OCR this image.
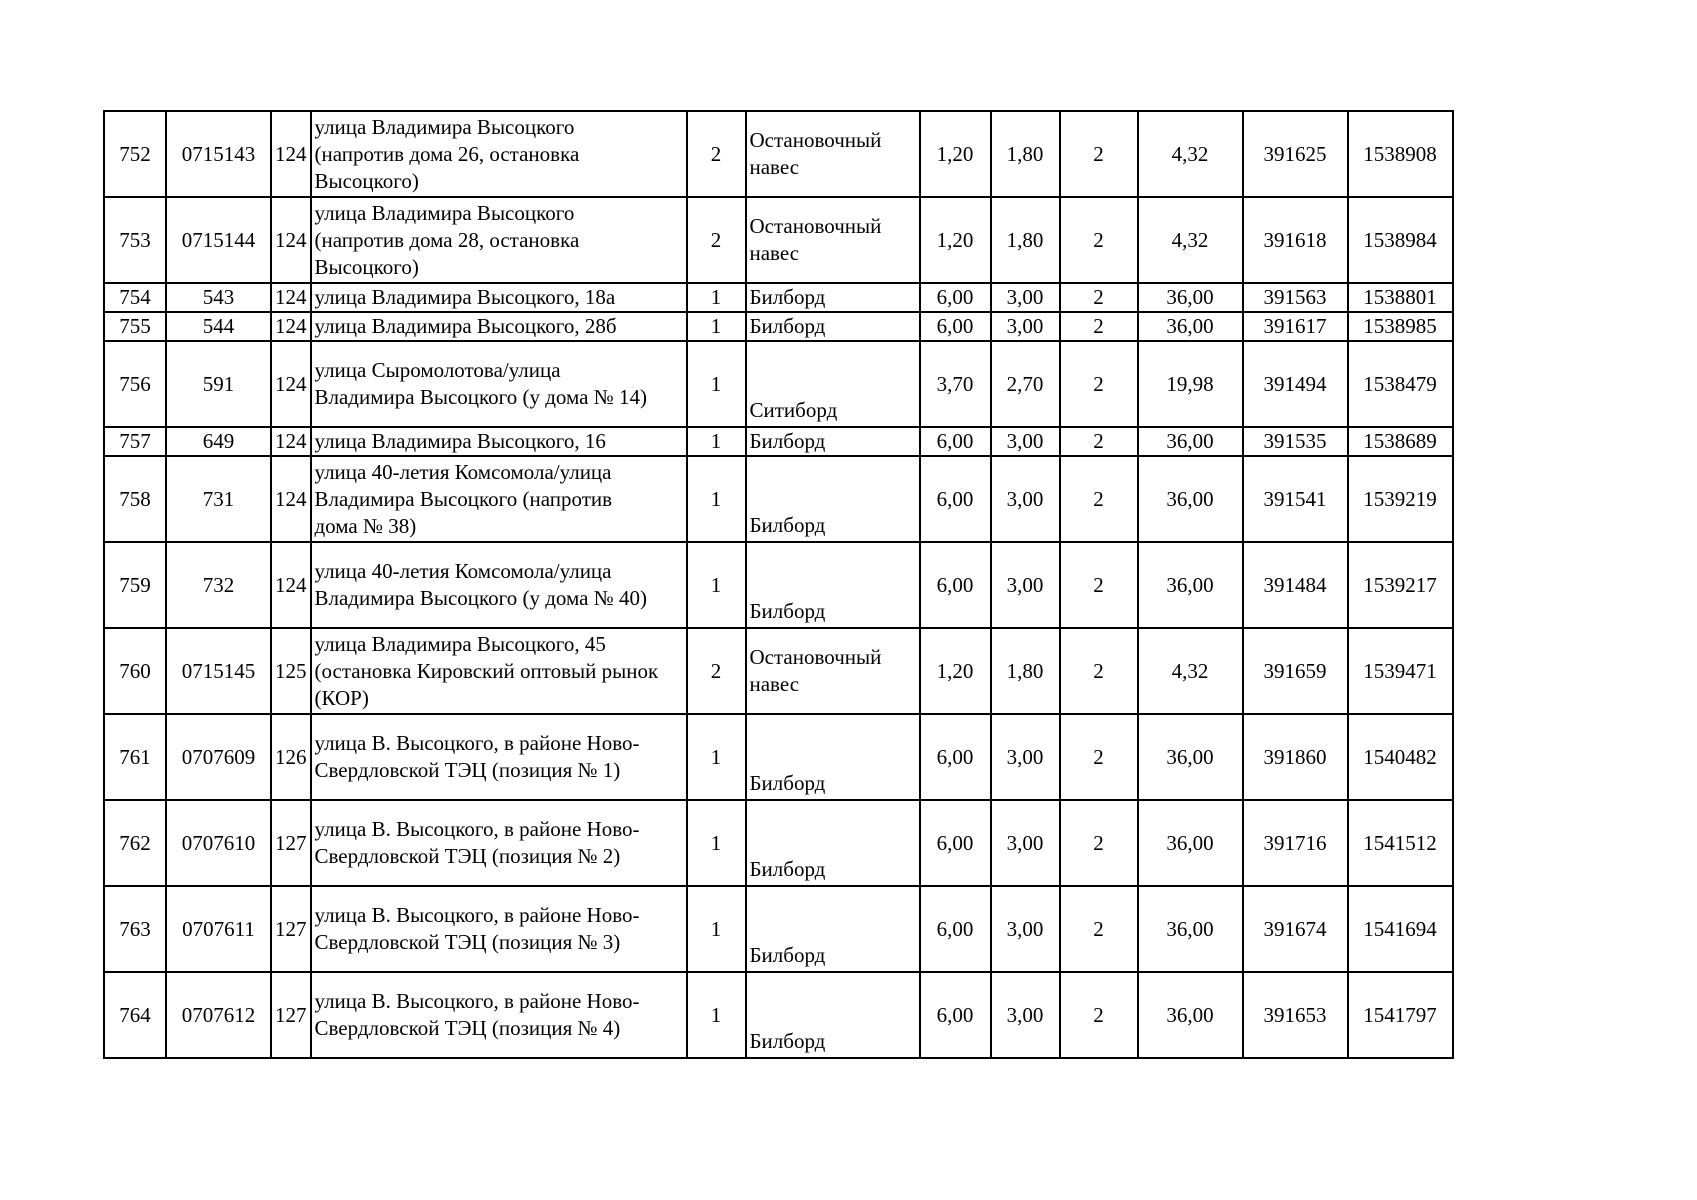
752	0715143	124	улица Владимира Высоцкого
(напротив дома 26, остановка
Высоцкого)	2	Остановочный
навес	1,20	1,80	2	4,32	391625	1538908
753	0715144	124	улица Владимира Высоцкого
(напротив дома 28, остановка
Высоцкого)	2	Остановочный
навес	1,20	1,80	2	4,32	391618	1538984
754	543	124	улица Владимира Высоцкого, 18а	1	Билборд	6,00	3,00	2	36,00	391563	1538801
755	544	124	улица Владимира Высоцкого, 28б	1	Билборд	6,00	3,00	2	36,00	391617	1538985
756	591	124	улица Сыромолотова/улица
Владимира Высоцкого (у дома № 14)	1	Ситиборд	3,70	2,70	2	19,98	391494	1538479
757	649	124	улица Владимира Высоцкого, 16	1	Билборд	6,00	3,00	2	36,00	391535	1538689
758	731	124	улица 40-летия Комсомола/улица
Владимира Высоцкого (напротив
дома № 38)	1	Билборд	6,00	3,00	2	36,00	391541	1539219
759	732	124	улица 40-летия Комсомола/улица
Владимира Высоцкого (у дома № 40)	1	Билборд	6,00	3,00	2	36,00	391484	1539217
760	0715145	125	улица Владимира Высоцкого, 45
(остановка Кировский оптовый рынок
(КОР)	2	Остановочный
навес	1,20	1,80	2	4,32	391659	1539471
761	0707609	126	улица В. Высоцкого, в районе Ново-
Свердловской ТЭЦ (позиция № 1)	1	Билборд	6,00	3,00	2	36,00	391860	1540482
762	0707610	127	улица В. Высоцкого, в районе Ново-
Свердловской ТЭЦ (позиция № 2)	1	Билборд	6,00	3,00	2	36,00	391716	1541512
763	0707611	127	улица В. Высоцкого, в районе Ново-
Свердловской ТЭЦ (позиция № 3)	1	Билборд	6,00	3,00	2	36,00	391674	1541694
764	0707612	127	улица В. Высоцкого, в районе Ново-
Свердловской ТЭЦ (позиция № 4)	1	Билборд	6,00	3,00	2	36,00	391653	1541797
